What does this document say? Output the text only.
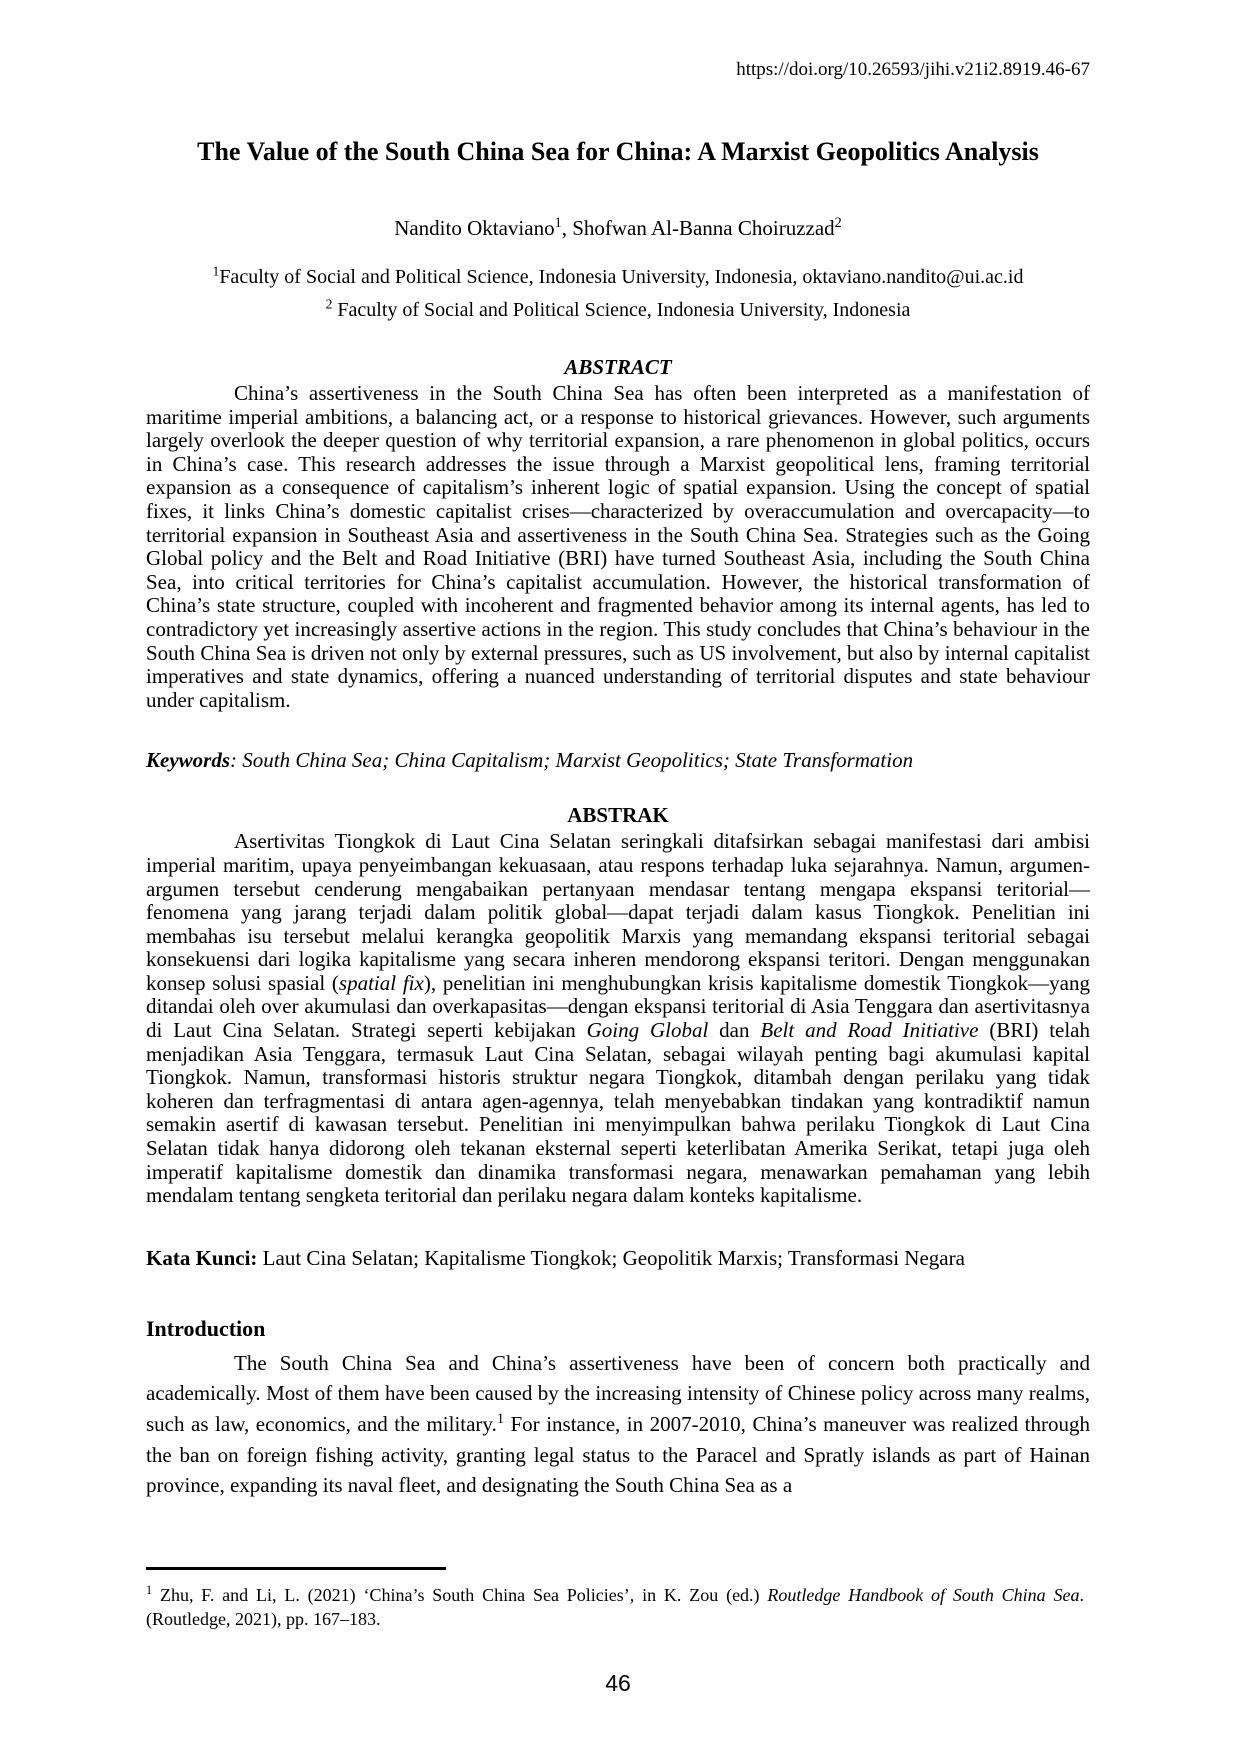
https://doi.org/10.26593/jihi.v21i2.8919.46-67
The Value of the South China Sea for China: A Marxist Geopolitics Analysis
Nandito Oktaviano$^1$, Shofwan Al-Banna Choiruzzad$^2$
$^1$Faculty of Social and Political Science, Indonesia University, Indonesia, oktaviano.nandito@ui.ac.id
$^2$ Faculty of Social and Political Science, Indonesia University, Indonesia
ABSTRACT
China’s assertiveness in the South China Sea has often been interpreted as a manifestation of maritime imperial ambitions, a balancing act, or a response to historical grievances. However, such arguments largely overlook the deeper question of why territorial expansion, a rare phenomenon in global politics, occurs in China’s case. This research addresses the issue through a Marxist geopolitical lens, framing territorial expansion as a consequence of capitalism’s inherent logic of spatial expansion. Using the concept of spatial fixes, it links China’s domestic capitalist crises—characterized by overaccumulation and overcapacity—to territorial expansion in Southeast Asia and assertiveness in the South China Sea. Strategies such as the Going Global policy and the Belt and Road Initiative (BRI) have turned Southeast Asia, including the South China Sea, into critical territories for China’s capitalist accumulation. However, the historical transformation of China’s state structure, coupled with incoherent and fragmented behavior among its internal agents, has led to contradictory yet increasingly assertive actions in the region. This study concludes that China’s behaviour in the South China Sea is driven not only by external pressures, such as US involvement, but also by internal capitalist imperatives and state dynamics, offering a nuanced understanding of territorial disputes and state behaviour under capitalism.
Keywords: South China Sea; China Capitalism; Marxist Geopolitics; State Transformation
ABSTRAK
Asertivitas Tiongkok di Laut Cina Selatan seringkali ditafsirkan sebagai manifestasi dari ambisi imperial maritim, upaya penyeimbangan kekuasaan, atau respons terhadap luka sejarahnya. Namun, argumen-argumen tersebut cenderung mengabaikan pertanyaan mendasar tentang mengapa ekspansi teritorial—fenomena yang jarang terjadi dalam politik global—dapat terjadi dalam kasus Tiongkok. Penelitian ini membahas isu tersebut melalui kerangka geopolitik Marxis yang memandang ekspansi teritorial sebagai konsekuensi dari logika kapitalisme yang secara inheren mendorong ekspansi teritori. Dengan menggunakan konsep solusi spasial (spatial fix), penelitian ini menghubungkan krisis kapitalisme domestik Tiongkok—yang ditandai oleh over akumulasi dan overkapasitas—dengan ekspansi teritorial di Asia Tenggara dan asertivitasnya di Laut Cina Selatan. Strategi seperti kebijakan Going Global dan Belt and Road Initiative (BRI) telah menjadikan Asia Tenggara, termasuk Laut Cina Selatan, sebagai wilayah penting bagi akumulasi kapital Tiongkok. Namun, transformasi historis struktur negara Tiongkok, ditambah dengan perilaku yang tidak koheren dan terfragmentasi di antara agen-agennya, telah menyebabkan tindakan yang kontradiktif namun semakin asertif di kawasan tersebut. Penelitian ini menyimpulkan bahwa perilaku Tiongkok di Laut Cina Selatan tidak hanya didorong oleh tekanan eksternal seperti keterlibatan Amerika Serikat, tetapi juga oleh imperatif kapitalisme domestik dan dinamika transformasi negara, menawarkan pemahaman yang lebih mendalam tentang sengketa teritorial dan perilaku negara dalam konteks kapitalisme.
Kata Kunci: Laut Cina Selatan; Kapitalisme Tiongkok; Geopolitik Marxis; Transformasi Negara
Introduction
The South China Sea and China’s assertiveness have been of concern both practically and academically. Most of them have been caused by the increasing intensity of Chinese policy across many realms, such as law, economics, and the military.$^1$ For instance, in 2007-2010, China’s maneuver was realized through the ban on foreign fishing activity, granting legal status to the Paracel and Spratly islands as part of Hainan province, expanding its naval fleet, and designating the South China Sea as a
$^1$ Zhu, F. and Li, L. (2021) ‘China’s South China Sea Policies’, in K. Zou (ed.) Routledge Handbook of South China Sea. (Routledge, 2021), pp. 167–183.
46
